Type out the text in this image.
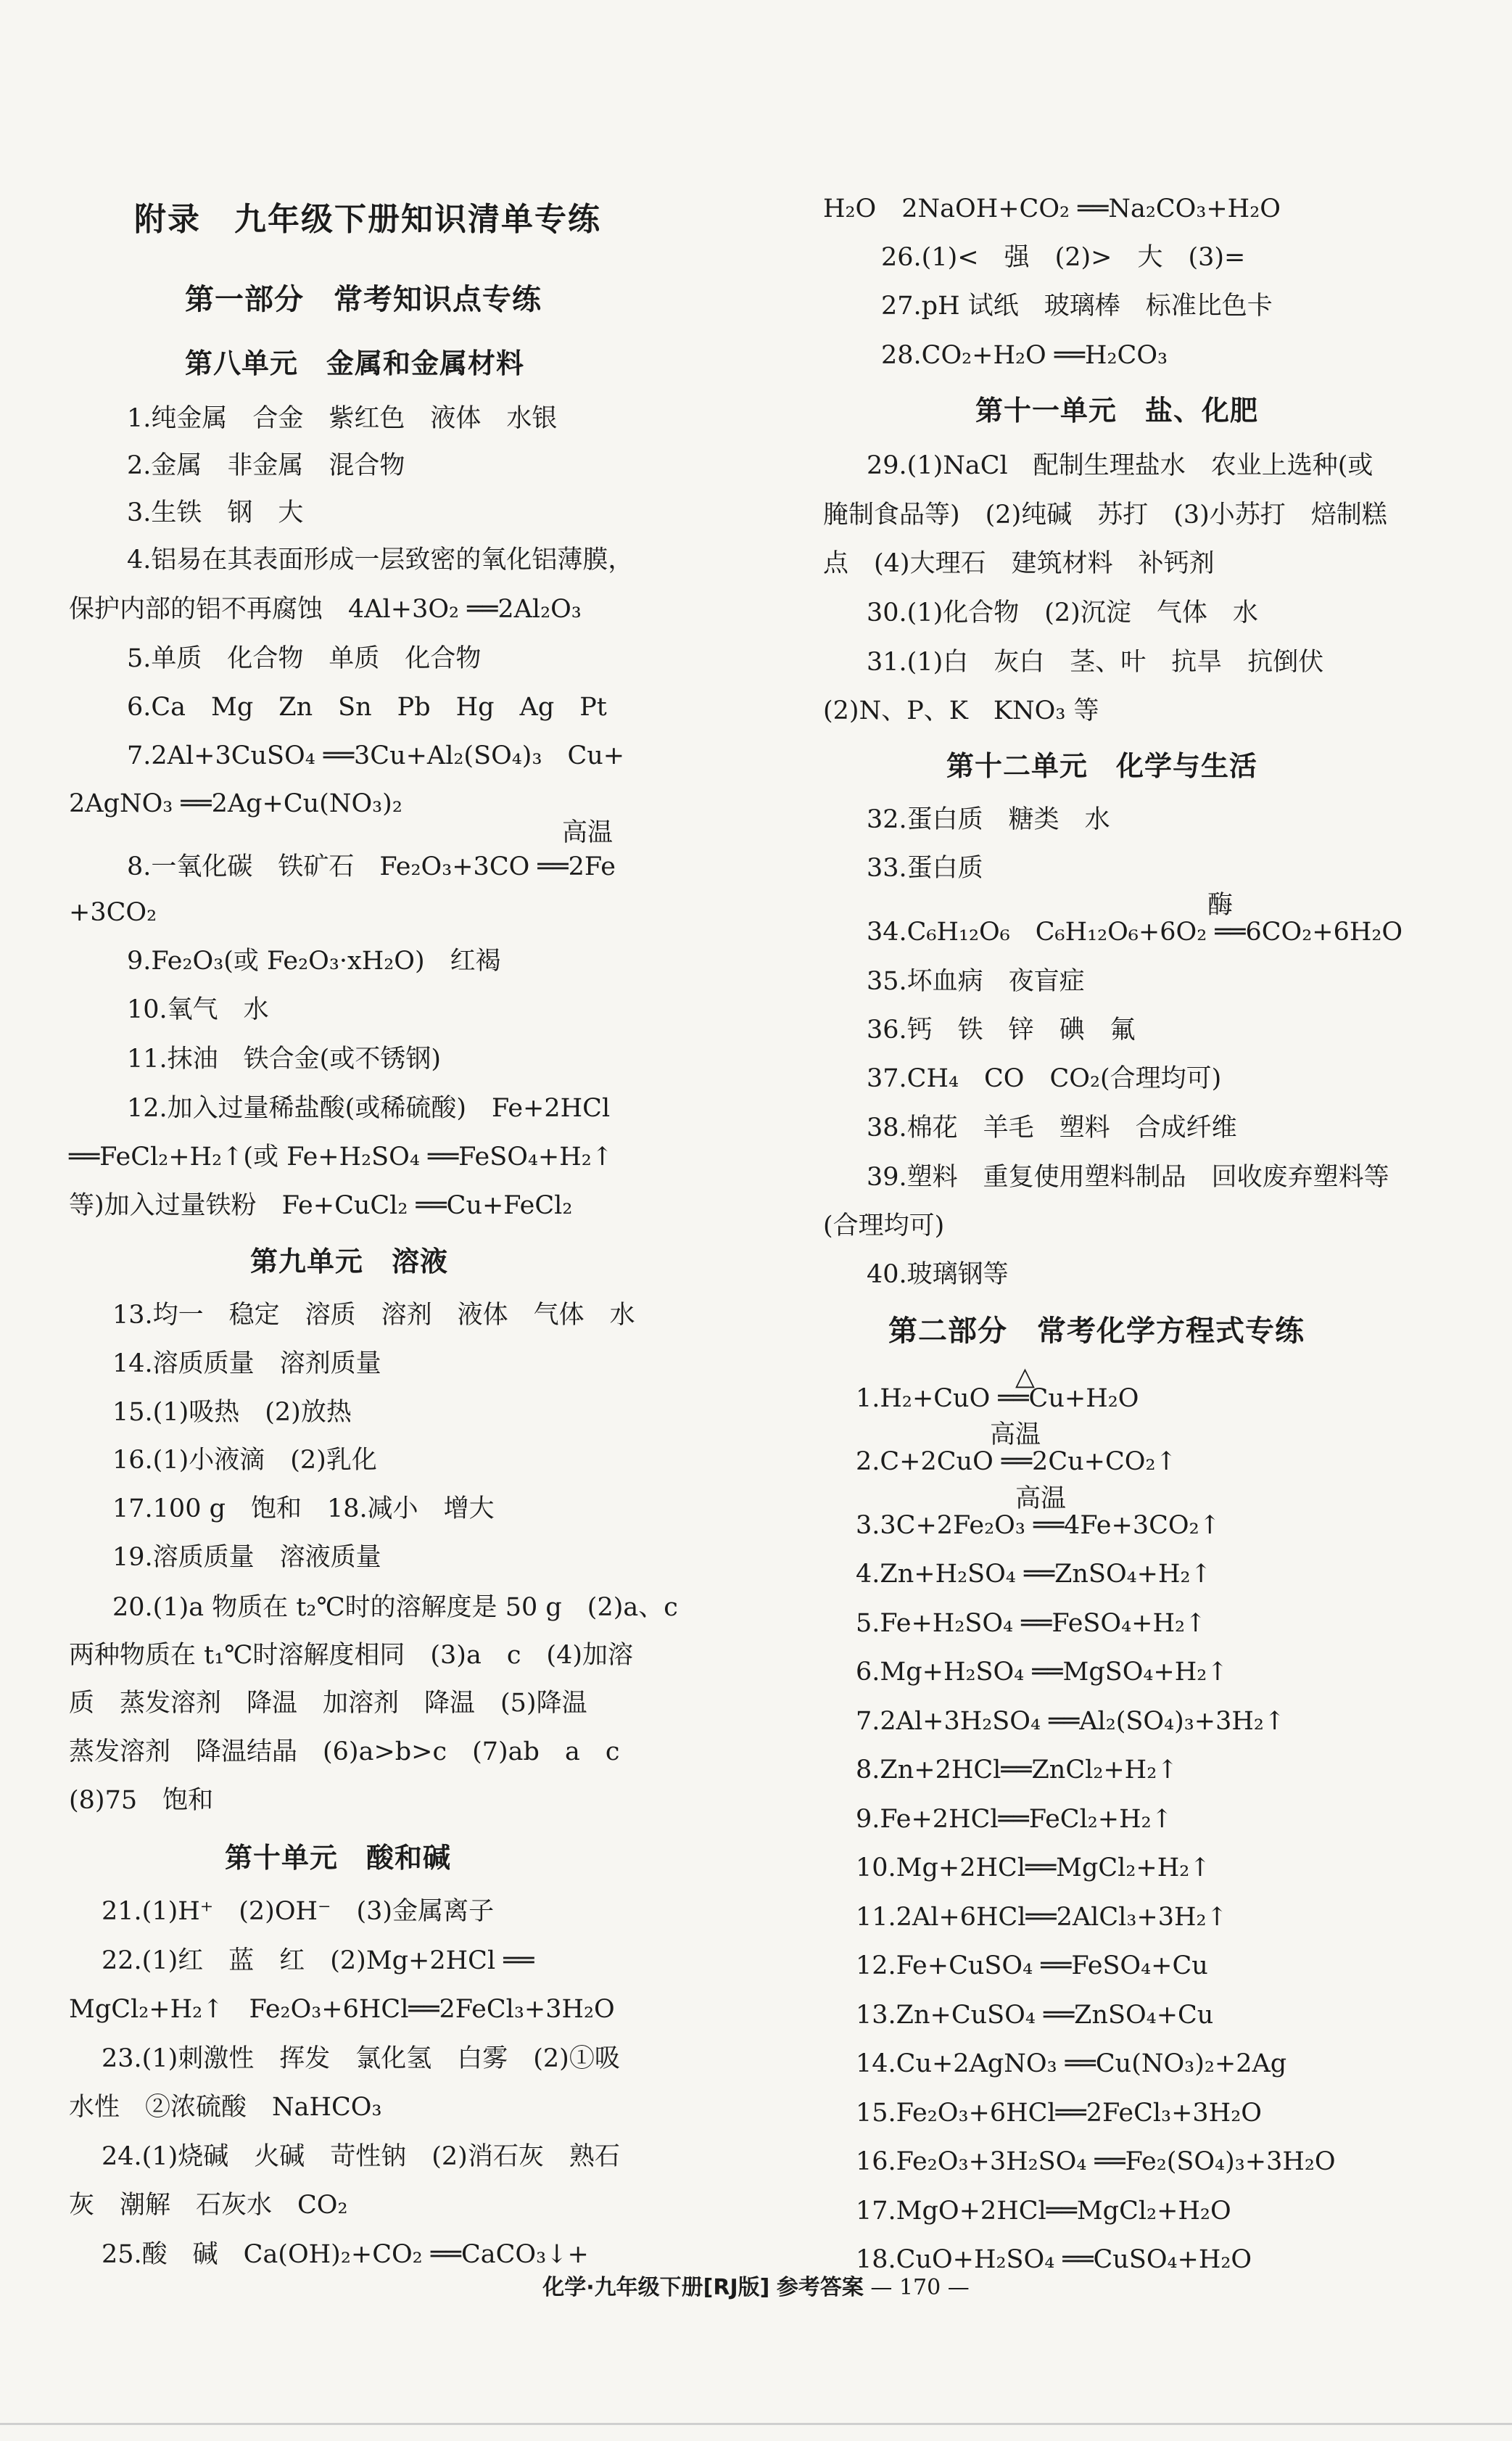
附录　九年级下册知识清单专练
第一部分　常考知识点专练
第八单元　金属和金属材料
1.纯金属　合金　紫红色　液体　水银
2.金属　非金属　混合物
3.生铁　钢　大
4.铝易在其表面形成一层致密的氧化铝薄膜，
保护内部的铝不再腐蚀　4Al+3O₂ ══2Al₂O₃
5.单质　化合物　单质　化合物
6.Ca　Mg　Zn　Sn　Pb　Hg　Ag　Pt
7.2Al+3CuSO₄ ══3Cu+Al₂(SO₄)₃　Cu+
2AgNO₃ ══2Ag+Cu(NO₃)₂
8.一氧化碳　铁矿石　Fe₂O₃+3CO ══2Fe
高温
+3CO₂
9.Fe₂O₃(或 Fe₂O₃·xH₂O)　红褐
10.氧气　水
11.抹油　铁合金(或不锈钢)
12.加入过量稀盐酸(或稀硫酸)　Fe+2HCl
══FeCl₂+H₂↑(或 Fe+H₂SO₄ ══FeSO₄+H₂↑
等)加入过量铁粉　Fe+CuCl₂ ══Cu+FeCl₂
第九单元　溶液
13.均一　稳定　溶质　溶剂　液体　气体　水
14.溶质质量　溶剂质量
15.(1)吸热　(2)放热
16.(1)小液滴　(2)乳化
17.100 g　饱和　18.减小　增大
19.溶质质量　溶液质量
20.(1)a 物质在 t₂℃时的溶解度是 50 g　(2)a、c
两种物质在 t₁℃时溶解度相同　(3)a　c　(4)加溶
质　蒸发溶剂　降温　加溶剂　降温　(5)降温
蒸发溶剂　降温结晶　(6)a>b>c　(7)ab　a　c
(8)75　饱和
第十单元　酸和碱
21.(1)H⁺　(2)OH⁻　(3)金属离子
22.(1)红　蓝　红　(2)Mg+2HCl ══
MgCl₂+H₂↑　Fe₂O₃+6HCl══2FeCl₃+3H₂O
23.(1)刺激性　挥发　氯化氢　白雾　(2)①吸
水性　②浓硫酸　NaHCO₃
24.(1)烧碱　火碱　苛性钠　(2)消石灰　熟石
灰　潮解　石灰水　CO₂
25.酸　碱　Ca(OH)₂+CO₂ ══CaCO₃↓+
H₂O　2NaOH+CO₂ ══Na₂CO₃+H₂O
26.(1)<　强　(2)>　大　(3)=
27.pH 试纸　玻璃棒　标准比色卡
28.CO₂+H₂O ══H₂CO₃
第十一单元　盐、化肥
29.(1)NaCl　配制生理盐水　农业上选种(或
腌制食品等)　(2)纯碱　苏打　(3)小苏打　焙制糕
点　(4)大理石　建筑材料　补钙剂
30.(1)化合物　(2)沉淀　气体　水
31.(1)白　灰白　茎、叶　抗旱　抗倒伏
(2)N、P、K　KNO₃ 等
第十二单元　化学与生活
32.蛋白质　糖类　水
33.蛋白质
34.C₆H₁₂O₆　C₆H₁₂O₆+6O₂ ══6CO₂+6H₂O
酶
35.坏血病　夜盲症
36.钙　铁　锌　碘　氟
37.CH₄　CO　CO₂(合理均可)
38.棉花　羊毛　塑料　合成纤维
39.塑料　重复使用塑料制品　回收废弃塑料等
(合理均可)
40.玻璃钢等
第二部分　常考化学方程式专练
1.H₂+CuO ══Cu+H₂O
△
2.C+2CuO ══2Cu+CO₂↑
高温
3.3C+2Fe₂O₃ ══4Fe+3CO₂↑
高温
4.Zn+H₂SO₄ ══ZnSO₄+H₂↑
5.Fe+H₂SO₄ ══FeSO₄+H₂↑
6.Mg+H₂SO₄ ══MgSO₄+H₂↑
7.2Al+3H₂SO₄ ══Al₂(SO₄)₃+3H₂↑
8.Zn+2HCl══ZnCl₂+H₂↑
9.Fe+2HCl══FeCl₂+H₂↑
10.Mg+2HCl══MgCl₂+H₂↑
11.2Al+6HCl══2AlCl₃+3H₂↑
12.Fe+CuSO₄ ══FeSO₄+Cu
13.Zn+CuSO₄ ══ZnSO₄+Cu
14.Cu+2AgNO₃ ══Cu(NO₃)₂+2Ag
15.Fe₂O₃+6HCl══2FeCl₃+3H₂O
16.Fe₂O₃+3H₂SO₄ ══Fe₂(SO₄)₃+3H₂O
17.MgO+2HCl══MgCl₂+H₂O
18.CuO+H₂SO₄ ══CuSO₄+H₂O
化学·九年级下册[RJ版] 参考答案 — 170 —
